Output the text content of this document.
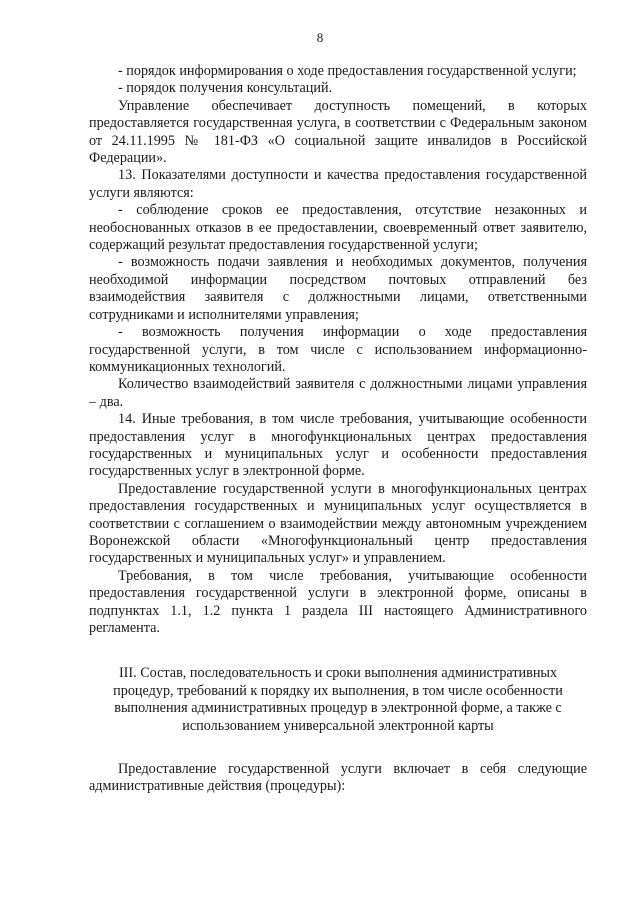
8

- порядок информирования о ходе предоставления государственной услуги;

- порядок получения консультаций.

Управление обеспечивает доступность помещений, в которых предоставляется государственная услуга, в соответствии с Федеральным законом от 24.11.1995 № 181-ФЗ «О социальной защите инвалидов в Российской Федерации».

13. Показателями доступности и качества предоставления государственной услуги являются:

- соблюдение сроков ее предоставления, отсутствие незаконных и необоснованных отказов в ее предоставлении, своевременный ответ заявителю, содержащий результат предоставления государственной услуги;

- возможность подачи заявления и необходимых документов, получения необходимой информации посредством почтовых отправлений без взаимодействия заявителя с должностными лицами, ответственными сотрудниками и исполнителями управления;

- возможность получения информации о ходе предоставления государственной услуги, в том числе с использованием информационно-коммуникационных технологий.

Количество взаимодействий заявителя с должностными лицами управления – два.

14. Иные требования, в том числе требования, учитывающие особенности предоставления услуг в многофункциональных центрах предоставления государственных и муниципальных услуг и особенности предоставления государственных услуг в электронной форме.

Предоставление государственной услуги в многофункциональных центрах предоставления государственных и муниципальных услуг осуществляется в соответствии с соглашением о взаимодействии между автономным учреждением Воронежской области «Многофункциональный центр предоставления государственных и муниципальных услуг» и управлением.

Требования, в том числе требования, учитывающие особенности предоставления государственной услуги в электронной форме, описаны в подпунктах 1.1, 1.2 пункта 1 раздела III настоящего Административного регламента.

III. Состав, последовательность и сроки выполнения административных процедур, требований к порядку их выполнения, в том числе особенности выполнения административных процедур в электронной форме, а также с использованием универсальной электронной карты

Предоставление государственной услуги включает в себя следующие административные действия (процедуры):
